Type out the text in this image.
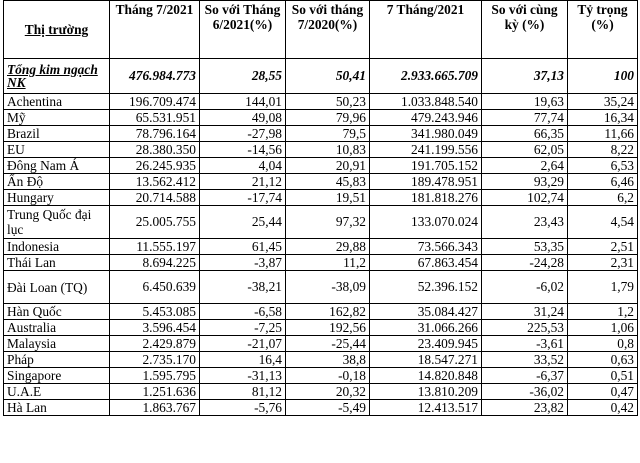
Thị trường	Tháng 7/2021	So với Tháng 6/2021(%)	So với tháng 7/2020(%)	7 Tháng/2021	So với cùng kỳ (%)	Tỷ trọng (%)
Tổng kim ngạch NK	476.984.773	28,55	50,41	2.933.665.709	37,13	100
Achentina	196.709.474	144,01	50,23	1.033.848.540	19,63	35,24
Mỹ	65.531.951	49,08	79,96	479.243.946	77,74	16,34
Brazil	78.796.164	-27,98	79,5	341.980.049	66,35	11,66
EU	28.380.350	-14,56	10,83	241.199.556	62,05	8,22
Đông Nam Á	26.245.935	4,04	20,91	191.705.152	2,64	6,53
Ấn Độ	13.562.412	21,12	45,83	189.478.951	93,29	6,46
Hungary	20.714.588	-17,74	19,51	181.818.276	102,74	6,2
Trung Quốc đại lục	25.005.755	25,44	97,32	133.070.024	23,43	4,54
Indonesia	11.555.197	61,45	29,88	73.566.343	53,35	2,51
Thái Lan	8.694.225	-3,87	11,2	67.863.454	-24,28	2,31
Đài Loan (TQ)	6.450.639	-38,21	-38,09	52.396.152	-6,02	1,79
Hàn Quốc	5.453.085	-6,58	162,82	35.084.427	31,24	1,2
Australia	3.596.454	-7,25	192,56	31.066.266	225,53	1,06
Malaysia	2.429.879	-21,07	-25,44	23.409.945	-3,61	0,8
Pháp	2.735.170	16,4	38,8	18.547.271	33,52	0,63
Singapore	1.595.795	-31,13	-0,18	14.820.848	-6,37	0,51
U.A.E	1.251.636	81,12	20,32	13.810.209	-36,02	0,47
Hà Lan	1.863.767	-5,76	-5,49	12.413.517	23,82	0,42
